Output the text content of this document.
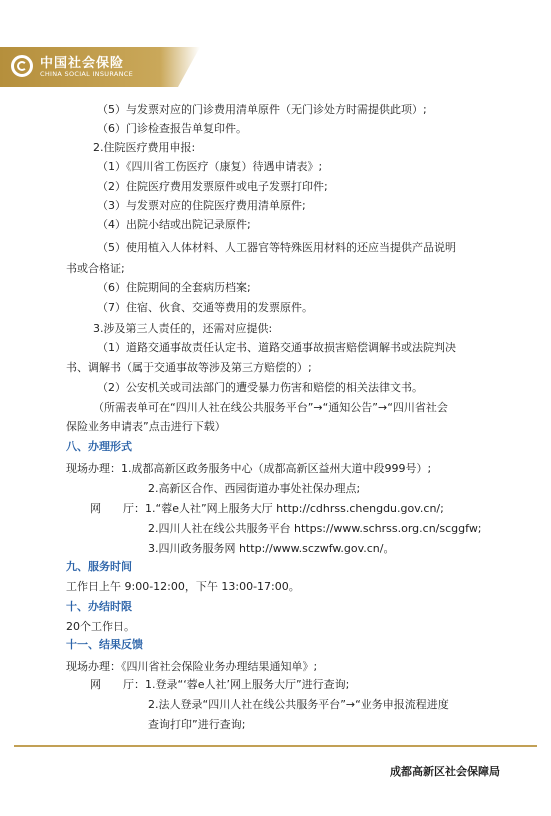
中国社会保险
CHINA SOCIAL INSURANCE
（5）与发票对应的门诊费用清单原件（无门诊处方时需提供此项）;
（6）门诊检查报告单复印件。
2.住院医疗费用申报:
（1）《四川省工伤医疗（康复）待遇申请表》;
（2）住院医疗费用发票原件或电子发票打印件;
（3）与发票对应的住院医疗费用清单原件;
（4）出院小结或出院记录原件;
（5）使用植入人体材料、人工器官等特殊医用材料的还应当提供产品说明
书或合格证;
（6）住院期间的全套病历档案;
（7）住宿、伙食、交通等费用的发票原件。
3.涉及第三人责任的，还需对应提供:
（1）道路交通事故责任认定书、道路交通事故损害赔偿调解书或法院判决
书、调解书（属于交通事故等涉及第三方赔偿的）;
（2）公安机关或司法部门的遭受暴力伤害和赔偿的相关法律文书。
（所需表单可在“四川人社在线公共服务平台”→“通知公告”→“四川省社会
保险业务申请表”点击进行下载）
八、办理形式
现场办理：1.成都高新区政务服务中心（成都高新区益州大道中段999号）;
2.高新区合作、西园街道办事处社保办理点;
网　　厅：1.“蓉e人社”网上服务大厅 http://cdhrss.chengdu.gov.cn/;
2.四川人社在线公共服务平台 https://www.schrss.org.cn/scggfw;
3.四川政务服务网 http://www.sczwfw.gov.cn/。
九、服务时间
工作日上午 9:00-12:00，下午 13:00-17:00。
十、办结时限
20个工作日。
十一、结果反馈
现场办理：《四川省社会保险业务办理结果通知单》;
网　　厅：1.登录“‘蓉e人社’网上服务大厅”进行查询;
2.法人登录“四川人社在线公共服务平台”→“业务申报流程进度
查询打印”进行查询;
成都高新区社会保障局
